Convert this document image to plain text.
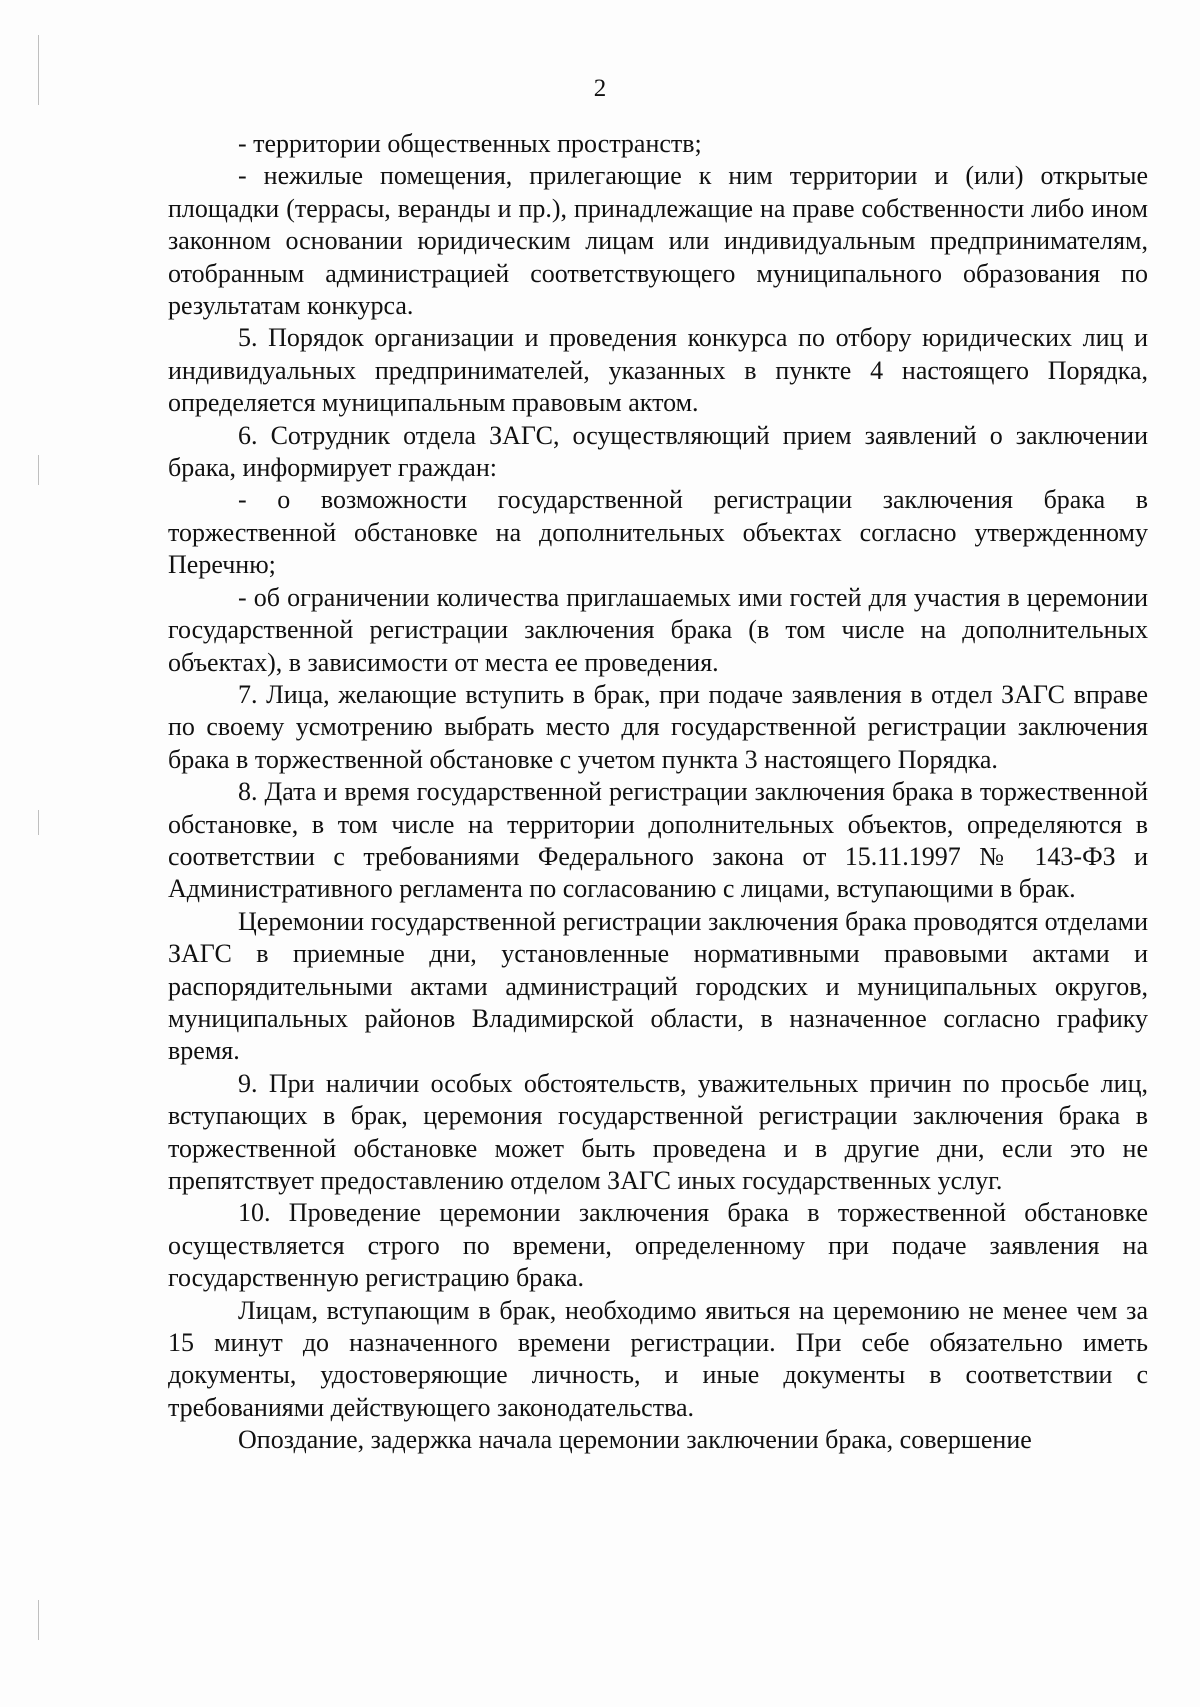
2

- территории общественных пространств;

- нежилые помещения, прилегающие к ним территории и (или) открытые площадки (террасы, веранды и пр.), принадлежащие на праве собственности либо ином законном основании юридическим лицам или индивидуальным предпринимателям, отобранным администрацией соответствующего муниципального образования по результатам конкурса.

5. Порядок организации и проведения конкурса по отбору юридических лиц и индивидуальных предпринимателей, указанных в пункте 4 настоящего Порядка, определяется муниципальным правовым актом.

6. Сотрудник отдела ЗАГС, осуществляющий прием заявлений о заключении брака, информирует граждан:

- о возможности государственной регистрации заключения брака в торжественной обстановке на дополнительных объектах согласно утвержденному Перечню;

- об ограничении количества приглашаемых ими гостей для участия в церемонии государственной регистрации заключения брака (в том числе на дополнительных объектах), в зависимости от места ее проведения.

7. Лица, желающие вступить в брак, при подаче заявления в отдел ЗАГС вправе по своему усмотрению выбрать место для государственной регистрации заключения брака в торжественной обстановке с учетом пункта 3 настоящего Порядка.

8. Дата и время государственной регистрации заключения брака в торжественной обстановке, в том числе на территории дополнительных объектов, определяются в соответствии с требованиями Федерального закона от 15.11.1997 № 143-ФЗ и Административного регламента по согласованию с лицами, вступающими в брак.

Церемонии государственной регистрации заключения брака проводятся отделами ЗАГС в приемные дни, установленные нормативными правовыми актами и распорядительными актами администраций городских и муниципальных округов, муниципальных районов Владимирской области, в назначенное согласно графику время.

9. При наличии особых обстоятельств, уважительных причин по просьбе лиц, вступающих в брак, церемония государственной регистрации заключения брака в торжественной обстановке может быть проведена и в другие дни, если это не препятствует предоставлению отделом ЗАГС иных государственных услуг.

10. Проведение церемонии заключения брака в торжественной обстановке осуществляется строго по времени, определенному при подаче заявления на государственную регистрацию брака.

Лицам, вступающим в брак, необходимо явиться на церемонию не менее чем за 15 минут до назначенного времени регистрации. При себе обязательно иметь документы, удостоверяющие личность, и иные документы в соответствии с требованиями действующего законодательства.

Опоздание, задержка начала церемонии заключении брака, совершение
